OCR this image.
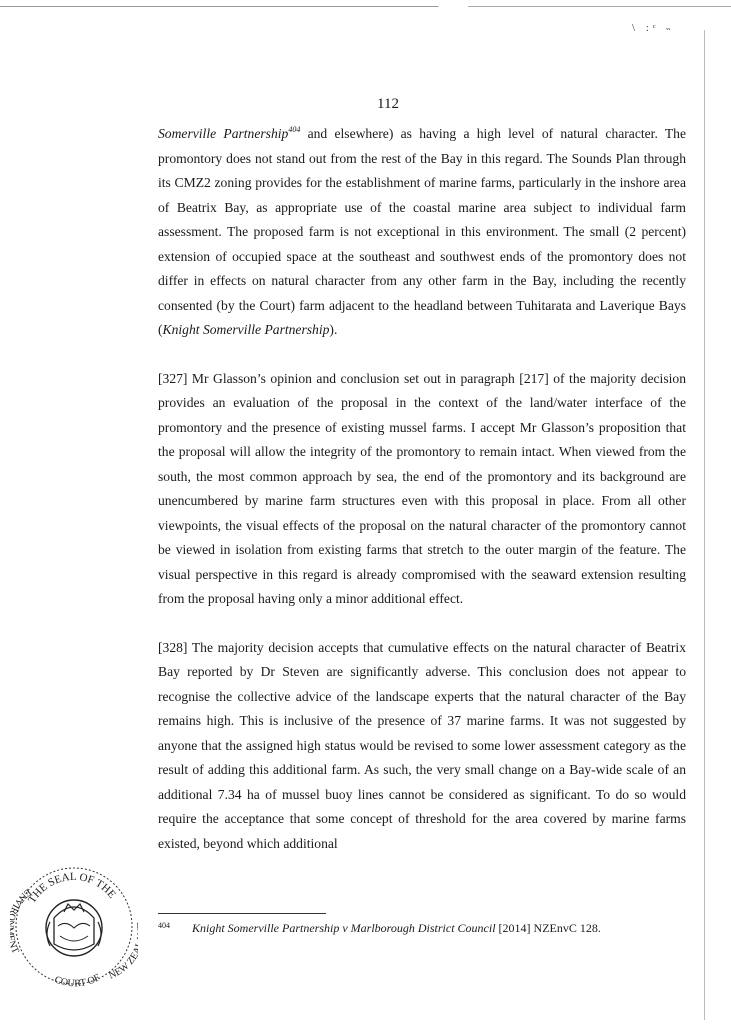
\ :ᶜ ˵
112

Somerville Partnership$^{404}$ and elsewhere) as having a high level of natural character. The promontory does not stand out from the rest of the Bay in this regard. The Sounds Plan through its CMZ2 zoning provides for the establishment of marine farms, particularly in the inshore area of Beatrix Bay, as appropriate use of the coastal marine area subject to individual farm assessment. The proposed farm is not exceptional in this environment. The small (2 percent) extension of occupied space at the southeast and southwest ends of the promontory does not differ in effects on natural character from any other farm in the Bay, including the recently consented (by the Court) farm adjacent to the headland between Tuhitarata and Laverique Bays (Knight Somerville Partnership).

[327] Mr Glasson’s opinion and conclusion set out in paragraph [217] of the majority decision provides an evaluation of the proposal in the context of the land/water interface of the promontory and the presence of existing mussel farms. I accept Mr Glasson’s proposition that the proposal will allow the integrity of the promontory to remain intact. When viewed from the south, the most common approach by sea, the end of the promontory and its background are unencumbered by marine farm structures even with this proposal in place. From all other viewpoints, the visual effects of the proposal on the natural character of the promontory cannot be viewed in isolation from existing farms that stretch to the outer margin of the feature. The visual perspective in this regard is already compromised with the seaward extension resulting from the proposal having only a minor additional effect.

[328] The majority decision accepts that cumulative effects on the natural character of Beatrix Bay reported by Dr Steven are significantly adverse. This conclusion does not appear to recognise the collective advice of the landscape experts that the natural character of the Bay remains high. This is inclusive of the presence of 37 marine farms. It was not suggested by anyone that the assigned high status would be revised to some lower assessment category as the result of adding this additional farm. As such, the very small change on a Bay-wide scale of an additional 7.34 ha of mussel buoy lines cannot be considered as significant. To do so would require the acceptance that some concept of threshold for the area covered by marine farms existed, beyond which additional

THE SEAL OF THE
ENVI
COURT OF NEW Z
$^{404}$ Knight Somerville Partnership v Marlborough District Council [2014] NZEnvC 128.
